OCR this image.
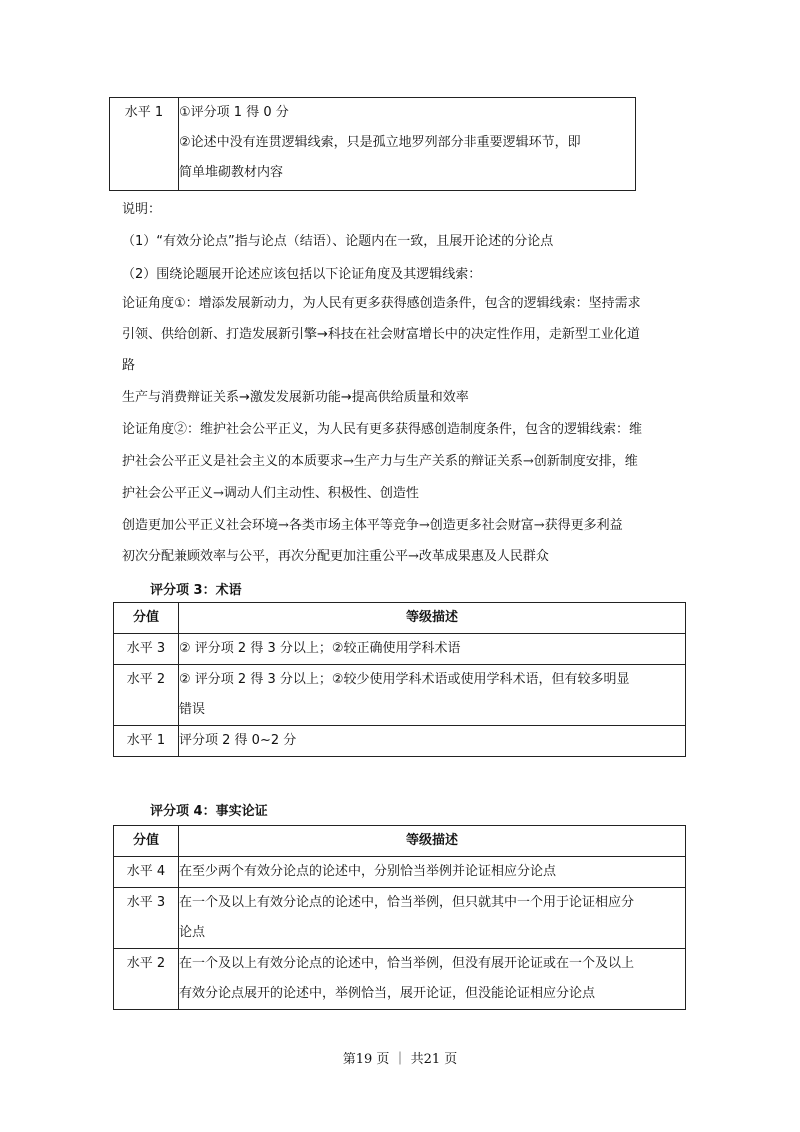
水平 1	①评分项 1 得 0 分
②论述中没有连贯逻辑线索，只是孤立地罗列部分非重要逻辑环节，即
简单堆砌教材内容
说明：
（1）“有效分论点”指与论点（结语）、论题内在一致，且展开论述的分论点
（2）围绕论题展开论述应该包括以下论证角度及其逻辑线索：
论证角度①：增添发展新动力，为人民有更多获得感创造条件，包含的逻辑线索：坚持需求
引领、供给创新、打造发展新引擎→科技在社会财富增长中的决定性作用，走新型工业化道
路
生产与消费辩证关系→激发发展新功能→提高供给质量和效率
论证角度②：维护社会公平正义，为人民有更多获得感创造制度条件，包含的逻辑线索：维
护社会公平正义是社会主义的本质要求→生产力与生产关系的辩证关系→创新制度安排，维
护社会公平正义→调动人们主动性、积极性、创造性
创造更加公平正义社会环境→各类市场主体平等竞争→创造更多社会财富→获得更多利益
初次分配兼顾效率与公平，再次分配更加注重公平→改革成果惠及人民群众
评分项 3：术语
分值	等级描述
水平 3	② 评分项 2 得 3 分以上；②较正确使用学科术语

水平 2	② 评分项 2 得 3 分以上；②较少使用学科术语或使用学科术语，但有较多明显
错误

水平 1	评分项 2 得 0~2 分
评分项 4：事实论证
分值	等级描述
水平 4	在至少两个有效分论点的论述中，分别恰当举例并论证相应分论点

水平 3	在一个及以上有效分论点的论述中，恰当举例，但只就其中一个用于论证相应分
论点

水平 2	在一个及以上有效分论点的论述中，恰当举例，但没有展开论证或在一个及以上
有效分论点展开的论述中，举例恰当，展开论证，但没能论证相应分论点
第19 页 ｜ 共21 页
